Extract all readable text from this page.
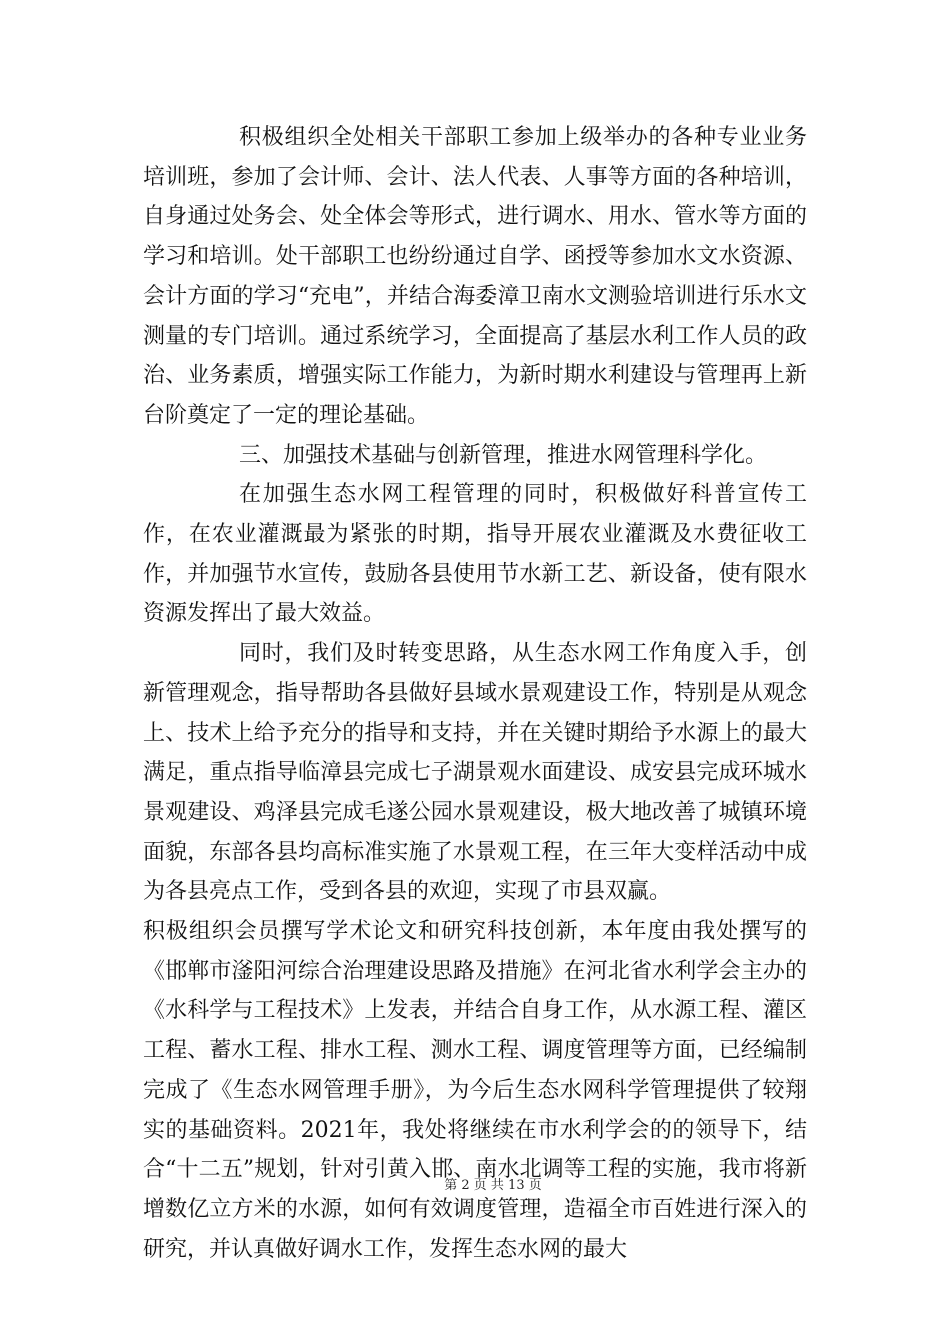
积极组织全处相关干部职工参加上级举办的各种专业业务培训班，参加了会计师、会计、法人代表、人事等方面的各种培训，自身通过处务会、处全体会等形式，进行调水、用水、管水等方面的学习和培训。处干部职工也纷纷通过自学、函授等参加水文水资源、会计方面的学习“充电”，并结合海委漳卫南水文测验培训进行乐水文测量的专门培训。通过系统学习，全面提高了基层水利工作人员的政治、业务素质，增强实际工作能力，为新时期水利建设与管理再上新台阶奠定了一定的理论基础。

三、加强技术基础与创新管理，推进水网管理科学化。

在加强生态水网工程管理的同时，积极做好科普宣传工作，在农业灌溉最为紧张的时期，指导开展农业灌溉及水费征收工作，并加强节水宣传，鼓励各县使用节水新工艺、新设备，使有限水资源发挥出了最大效益。

同时，我们及时转变思路，从生态水网工作角度入手，创新管理观念，指导帮助各县做好县域水景观建设工作，特别是从观念上、技术上给予充分的指导和支持，并在关键时期给予水源上的最大满足，重点指导临漳县完成七子湖景观水面建设、成安县完成环城水景观建设、鸡泽县完成毛遂公园水景观建设，极大地改善了城镇环境面貌，东部各县均高标准实施了水景观工程，在三年大变样活动中成为各县亮点工作，受到各县的欢迎，实现了市县双赢。

积极组织会员撰写学术论文和研究科技创新，本年度由我处撰写的《邯郸市滏阳河综合治理建设思路及措施》在河北省水利学会主办的《水科学与工程技术》上发表，并结合自身工作，从水源工程、灌区工程、蓄水工程、排水工程、测水工程、调度管理等方面，已经编制完成了《生态水网管理手册》，为今后生态水网科学管理提供了较翔实的基础资料。2021年，我处将继续在市水利学会的的领导下，结合“十二五”规划，针对引黄入邯、南水北调等工程的实施，我市将新增数亿立方米的水源，如何有效调度管理，造福全市百姓进行深入的研究，并认真做好调水工作，发挥生态水网的最大

第 2 页 共 13 页
